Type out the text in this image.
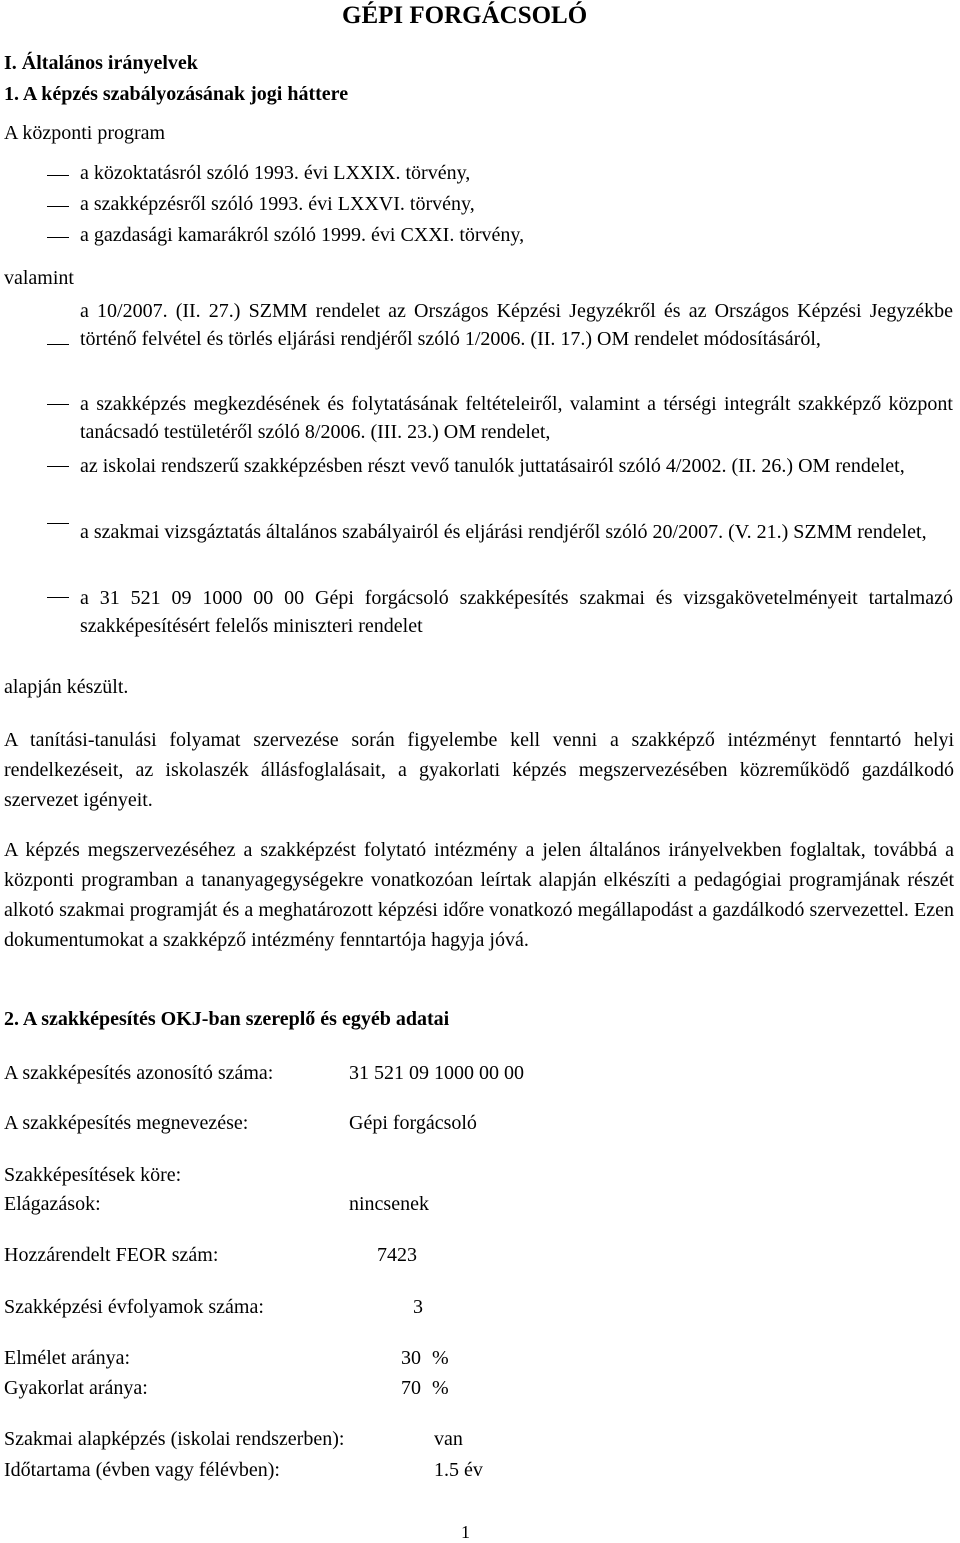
GÉPI FORGÁCSOLÓ
I. Általános irányelvek
1. A képzés szabályozásának jogi háttere
A központi program
a közoktatásról szóló 1993. évi LXXIX. törvény,
a szakképzésről szóló 1993. évi LXXVI. törvény,
a gazdasági kamarákról szóló 1999. évi CXXI. törvény,
valamint
a 10/2007. (II. 27.) SZMM rendelet az Országos Képzési Jegyzékről és az Országos Képzési Jegyzékbe történő felvétel és törlés eljárási rendjéről szóló 1/2006. (II. 17.) OM rendelet módosításáról,
a szakképzés megkezdésének és folytatásának feltételeiről, valamint a térségi integrált szakképző központ tanácsadó testületéről szóló 8/2006. (III. 23.) OM rendelet,
az iskolai rendszerű szakképzésben részt vevő tanulók juttatásairól szóló 4/2002. (II. 26.) OM rendelet,
a szakmai vizsgáztatás általános szabályairól és eljárási rendjéről szóló 20/2007. (V. 21.) SZMM rendelet,
a 31 521 09 1000 00 00 Gépi forgácsoló szakképesítés szakmai és vizsgakövetelményeit tartalmazó szakképesítésért felelős miniszteri rendelet
alapján készült.
A tanítási-tanulási folyamat szervezése során figyelembe kell venni a szakképző intézményt fenntartó helyi rendelkezéseit, az iskolaszék állásfoglalásait, a gyakorlati képzés megszervezésében közreműködő gazdálkodó szervezet igényeit.
A képzés megszervezéséhez a szakképzést folytató intézmény a jelen általános irányelvekben foglaltak, továbbá a központi programban a tananyagegységekre vonatkozóan leírtak alapján elkészíti a pedagógiai programjának részét alkotó szakmai programját és a meghatározott képzési időre vonatkozó megállapodást a gazdálkodó szervezettel. Ezen dokumentumokat a szakképző intézmény fenntartója hagyja jóvá.
2. A szakképesítés OKJ-ban szereplő és egyéb adatai
A szakképesítés azonosító száma:	31 521 09 1000 00 00
A szakképesítés megnevezése:	Gépi forgácsoló
Szakképesítések köre:
Elágazások:	nincsenek
Hozzárendelt FEOR szám:	7423
Szakképzési évfolyamok száma:	3
Elmélet aránya:	30 %
Gyakorlat aránya:	70 %
Szakmai alapképzés (iskolai rendszerben):	van
Időtartama (évben vagy félévben):	1.5 év
1
